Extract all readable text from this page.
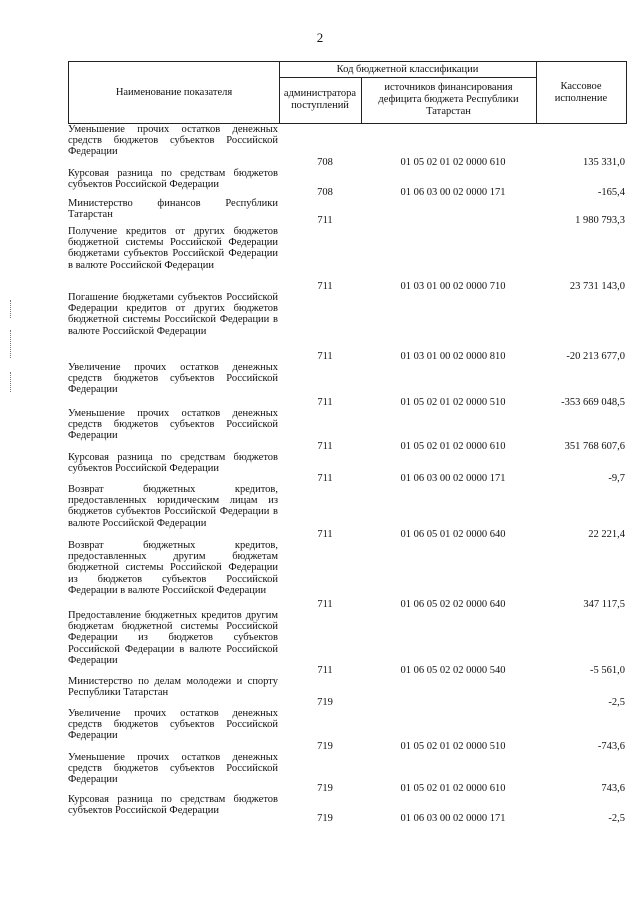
2
Наименование показателя
Код бюджетной классификации
администратора поступлений
источников финансирования дефицита бюджета Республики Татарстан
Кассовое исполнение
Уменьшение прочих остатков денежных средств бюджетов субъектов Российской Федерации
708	01 05 02 01 02 0000 610	135 331,0
Курсовая разница по средствам бюджетов субъектов Российской Федерации
708	01 06 03 00 02 0000 171	-165,4
Министерство финансов Республики Татарстан
711	1 980 793,3
Получение кредитов от других бюджетов бюджетной системы Российской Федерации бюджетами субъектов Российской Федерации в валюте Российской Федерации
711	01 03 01 00 02 0000 710	23 731 143,0
Погашение бюджетами субъектов Российской Федерации кредитов от других бюджетов бюджетной системы Российской Федерации в валюте Российской Федерации
711	01 03 01 00 02 0000 810	-20 213 677,0
Увеличение прочих остатков денежных средств бюджетов субъектов Российской Федерации
711	01 05 02 01 02 0000 510	-353 669 048,5
Уменьшение прочих остатков денежных средств бюджетов субъектов Российской Федерации
711	01 05 02 01 02 0000 610	351 768 607,6
Курсовая разница по средствам бюджетов субъектов Российской Федерации
711	01 06 03 00 02 0000 171	-9,7
Возврат бюджетных кредитов, предоставленных юридическим лицам из бюджетов субъектов Российской Федерации в валюте Российской Федерации
711	01 06 05 01 02 0000 640	22 221,4
Возврат бюджетных кредитов, предоставленных другим бюджетам бюджетной системы Российской Федерации из бюджетов субъектов Российской Федерации в валюте Российской Федерации
711	01 06 05 02 02 0000 640	347 117,5
Предоставление бюджетных кредитов другим бюджетам бюджетной системы Российской Федерации из бюджетов субъектов Российской Федерации в валюте Российской Федерации
711	01 06 05 02 02 0000 540	-5 561,0
Министерство по делам молодежи и спорту Республики Татарстан
719	-2,5
Увеличение прочих остатков денежных средств бюджетов субъектов Российской Федерации
719	01 05 02 01 02 0000 510	-743,6
Уменьшение прочих остатков денежных средств бюджетов субъектов Российской Федерации
719	01 05 02 01 02 0000 610	743,6
Курсовая разница по средствам бюджетов субъектов Российской Федерации
719	01 06 03 00 02 0000 171	-2,5
